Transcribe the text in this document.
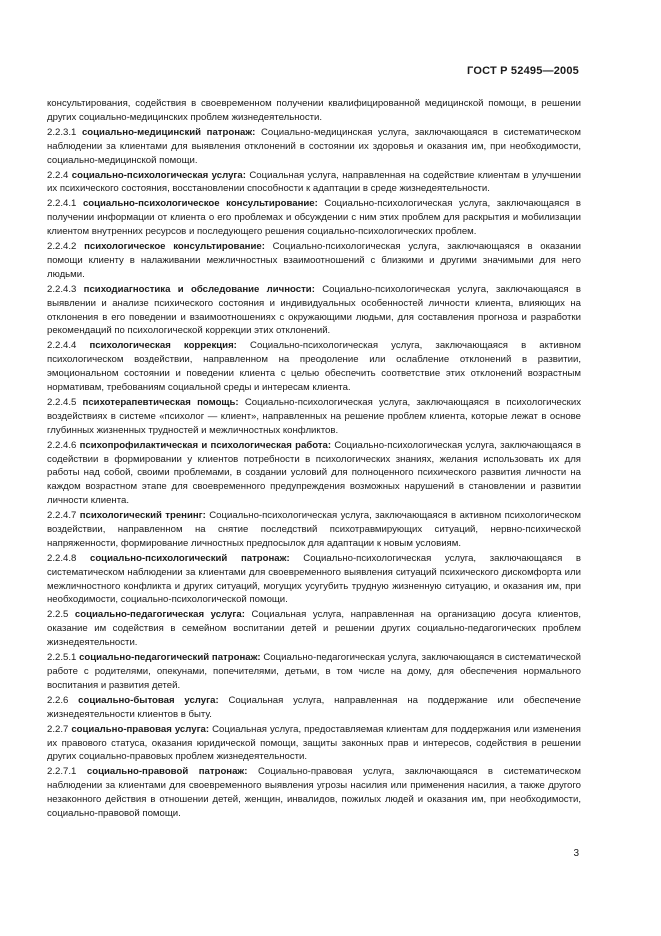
ГОСТ Р 52495—2005

консультирования, содействия в своевременном получении квалифицированной медицинской помощи, в решении других социально-медицинских проблем жизнедеятельности.

2.2.3.1 социально-медицинский патронаж: Социально-медицинская услуга, заключающаяся в систематическом наблюдении за клиентами для выявления отклонений в состоянии их здоровья и оказания им, при необходимости, социально-медицинской помощи.

2.2.4 социально-психологическая услуга: Социальная услуга, направленная на содействие клиентам в улучшении их психического состояния, восстановлении способности к адаптации в среде жизнедеятельности.

2.2.4.1 социально-психологическое консультирование: Социально-психологическая услуга, заключающаяся в получении информации от клиента о его проблемах и обсуждении с ним этих проблем для раскрытия и мобилизации клиентом внутренних ресурсов и последующего решения социально-психологических проблем.

2.2.4.2 психологическое консультирование: Социально-психологическая услуга, заключающаяся в оказании помощи клиенту в налаживании межличностных взаимоотношений с близкими и другими значимыми для него людьми.

2.2.4.3 психодиагностика и обследование личности: Социально-психологическая услуга, заключающаяся в выявлении и анализе психического состояния и индивидуальных особенностей личности клиента, влияющих на отклонения в его поведении и взаимоотношениях с окружающими людьми, для составления прогноза и разработки рекомендаций по психологической коррекции этих отклонений.

2.2.4.4 психологическая коррекция: Социально-психологическая услуга, заключающаяся в активном психологическом воздействии, направленном на преодоление или ослабление отклонений в развитии, эмоциональном состоянии и поведении клиента с целью обеспечить соответствие этих отклонений возрастным нормативам, требованиям социальной среды и интересам клиента.

2.2.4.5 психотерапевтическая помощь: Социально-психологическая услуга, заключающаяся в психологических воздействиях в системе «психолог — клиент», направленных на решение проблем клиента, которые лежат в основе глубинных жизненных трудностей и межличностных конфликтов.

2.2.4.6 психопрофилактическая и психологическая работа: Социально-психологическая услуга, заключающаяся в содействии в формировании у клиентов потребности в психологических знаниях, желания использовать их для работы над собой, своими проблемами, в создании условий для полноценного психического развития личности на каждом возрастном этапе для своевременного предупреждения возможных нарушений в становлении и развитии личности клиента.

2.2.4.7 психологический тренинг: Социально-психологическая услуга, заключающаяся в активном психологическом воздействии, направленном на снятие последствий психотравмирующих ситуаций, нервно-психической напряженности, формирование личностных предпосылок для адаптации к новым условиям.

2.2.4.8 социально-психологический патронаж: Социально-психологическая услуга, заключающаяся в систематическом наблюдении за клиентами для своевременного выявления ситуаций психического дискомфорта или межличностного конфликта и других ситуаций, могущих усугубить трудную жизненную ситуацию, и оказания им, при необходимости, социально-психологической помощи.

2.2.5 социально-педагогическая услуга: Социальная услуга, направленная на организацию досуга клиентов, оказание им содействия в семейном воспитании детей и решении других социально-педагогических проблем жизнедеятельности.

2.2.5.1 социально-педагогический патронаж: Социально-педагогическая услуга, заключающаяся в систематической работе с родителями, опекунами, попечителями, детьми, в том числе на дому, для обеспечения нормального воспитания и развития детей.

2.2.6 социально-бытовая услуга: Социальная услуга, направленная на поддержание или обеспечение жизнедеятельности клиентов в быту.

2.2.7 социально-правовая услуга: Социальная услуга, предоставляемая клиентам для поддержания или изменения их правового статуса, оказания юридической помощи, защиты законных прав и интересов, содействия в решении других социально-правовых проблем жизнедеятельности.

2.2.7.1 социально-правовой патронаж: Социально-правовая услуга, заключающаяся в систематическом наблюдении за клиентами для своевременного выявления угрозы насилия или применения насилия, а также другого незаконного действия в отношении детей, женщин, инвалидов, пожилых людей и оказания им, при необходимости, социально-правовой помощи.

3
